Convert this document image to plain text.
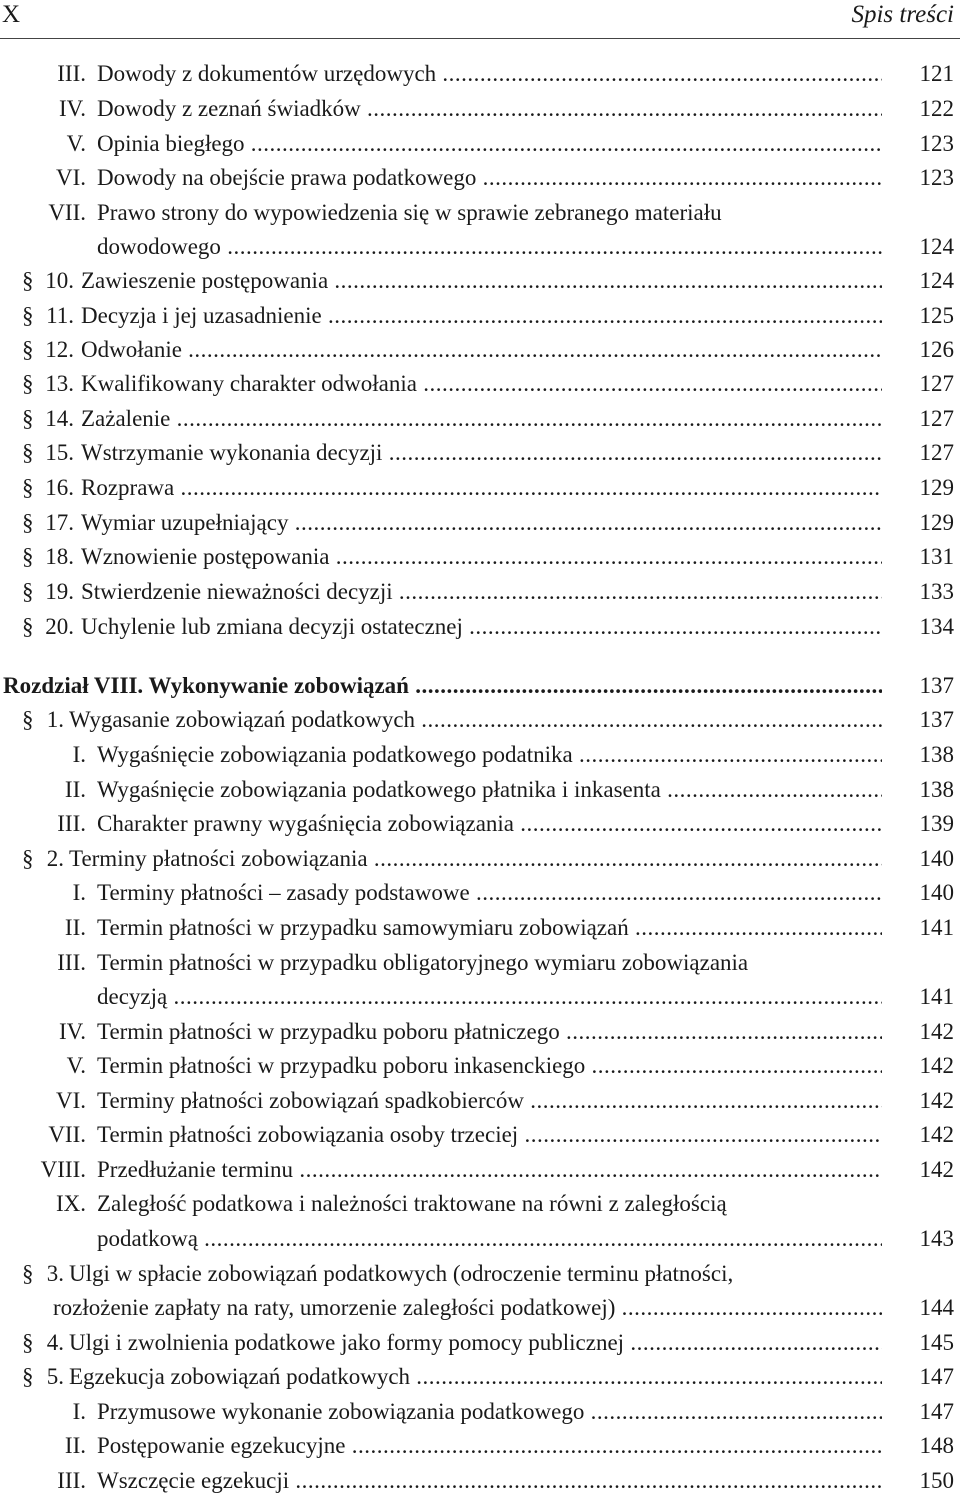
X	Spis treści
III. Dowody z dokumentów urzędowych .....	121
IV. Dowody z zeznań świadków .....	122
V. Opinia biegłego .....	123
VI. Dowody na obejście prawa podatkowego .....	123
VII. Prawo strony do wypowiedzenia się w sprawie zebranego materiału
dowodowego .....	124
§ 10. Zawieszenie postępowania .....	124
§ 11. Decyzja i jej uzasadnienie .....	125
§ 12. Odwołanie .....	126
§ 13. Kwalifikowany charakter odwołania .....	127
§ 14. Zażalenie .....	127
§ 15. Wstrzymanie wykonania decyzji .....	127
§ 16. Rozprawa .....	129
§ 17. Wymiar uzupełniający .....	129
§ 18. Wznowienie postępowania .....	131
§ 19. Stwierdzenie nieważności decyzji .....	133
§ 20. Uchylenie lub zmiana decyzji ostatecznej .....	134
Rozdział VIII. Wykonywanie zobowiązań .....	137
§ 1. Wygasanie zobowiązań podatkowych .....	137
I. Wygaśnięcie zobowiązania podatkowego podatnika .....	138
II. Wygaśnięcie zobowiązania podatkowego płatnika i inkasenta .....	138
III. Charakter prawny wygaśnięcia zobowiązania .....	139
§ 2. Terminy płatności zobowiązania .....	140
I. Terminy płatności – zasady podstawowe .....	140
II. Termin płatności w przypadku samowymiaru zobowiązań .....	141
III. Termin płatności w przypadku obligatoryjnego wymiaru zobowiązania
decyzją .....	141
IV. Termin płatności w przypadku poboru płatniczego .....	142
V. Termin płatności w przypadku poboru inkasenckiego .....	142
VI. Terminy płatności zobowiązań spadkobierców .....	142
VII. Termin płatności zobowiązania osoby trzeciej .....	142
VIII. Przedłużanie terminu .....	142
IX. Zaległość podatkowa i należności traktowane na równi z zaległością
podatkową .....	143
§ 3. Ulgi w spłacie zobowiązań podatkowych (odroczenie terminu płatności,
rozłożenie zapłaty na raty, umorzenie zaległości podatkowej) .....	144
§ 4. Ulgi i zwolnienia podatkowe jako formy pomocy publicznej .....	145
§ 5. Egzekucja zobowiązań podatkowych .....	147
I. Przymusowe wykonanie zobowiązania podatkowego .....	147
II. Postępowanie egzekucyjne .....	148
III. Wszczęcie egzekucji .....	150
